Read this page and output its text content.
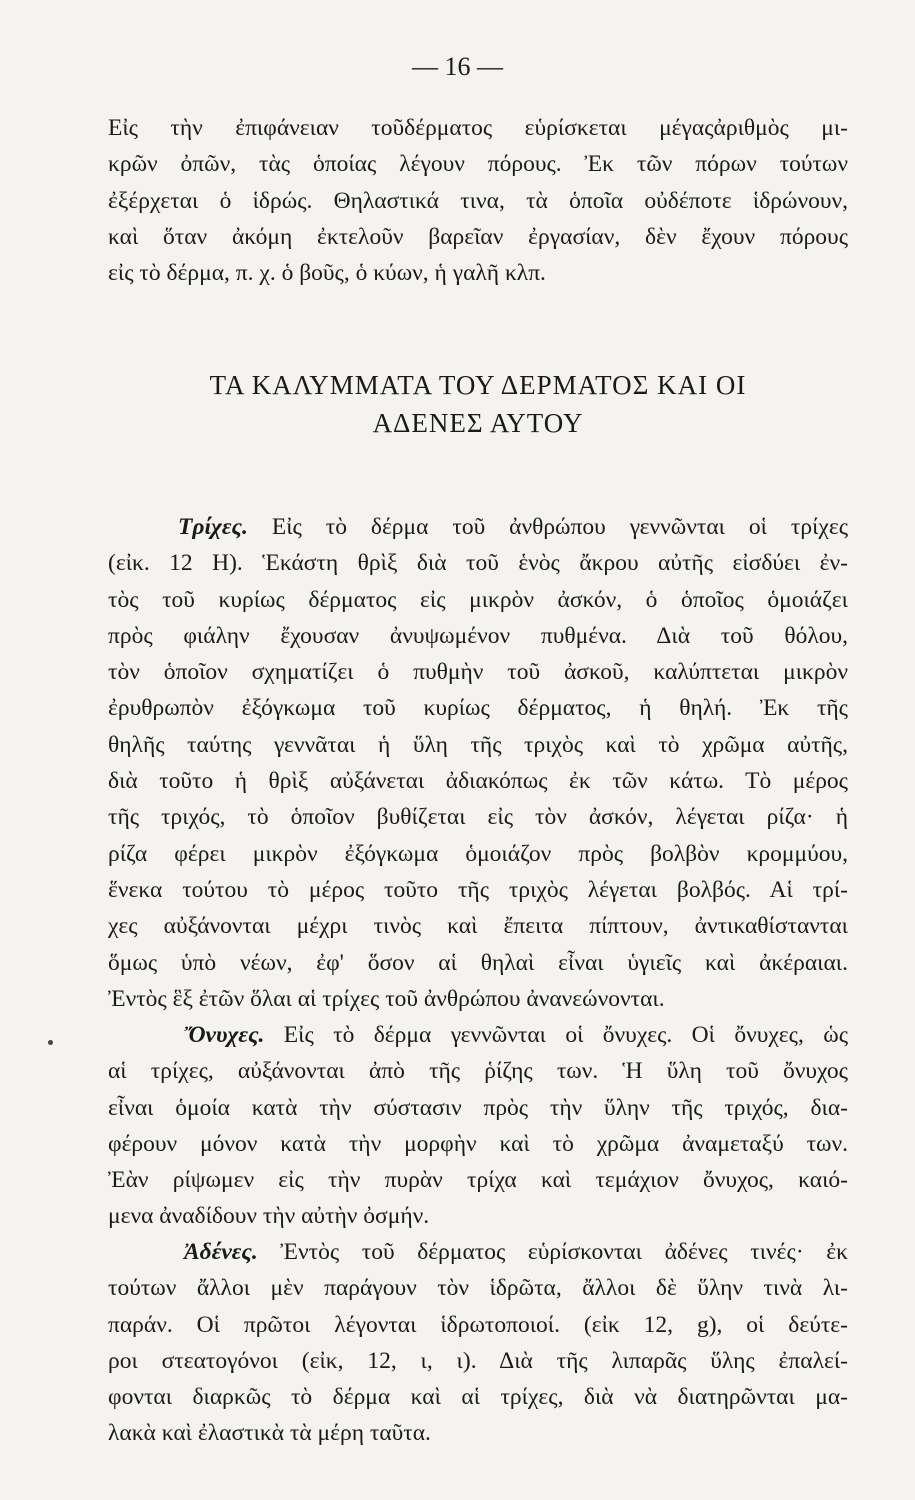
— 16 —
Εἰς τὴν ἐπιφάνειαν τοῦδέρματος εὑρίσκεται μέγαςἀριθμὸς μι-
κρῶν ὀπῶν, τὰς ὁποίας λέγουν πόρους. Ἐκ τῶν πόρων τούτων
ἐξέρχεται ὁ ἱδρώς. Θηλαστικά τινα, τὰ ὁποῖα οὐδέποτε ἱδρώνουν,
καὶ ὅταν ἀκόμη ἐκτελοῦν βαρεῖαν ἐργασίαν, δὲν ἔχουν πόρους
εἰς τὸ δέρμα, π. χ. ὁ βοῦς, ὁ κύων, ἡ γαλῆ κλπ.
ΤΑ ΚΑΛΥΜΜΑΤΑ ΤΟΥ ΔΕΡΜΑΤΟΣ ΚΑΙ ΟΙ
ΑΔΕΝΕΣ ΑΥΤΟΥ
Τρίχες. Εἰς τὸ δέρμα τοῦ ἀνθρώπου γεννῶνται οἱ τρίχες
(εἰκ. 12 Η). Ἑκάστη θρὶξ διὰ τοῦ ἑνὸς ἄκρου αὐτῆς εἰσδύει ἐν-
τὸς τοῦ κυρίως δέρματος εἰς μικρὸν ἀσκόν, ὁ ὁποῖος ὁμοιάζει
πρὸς φιάλην ἔχουσαν ἀνυψωμένον πυθμένα. Διὰ τοῦ θόλου,
τὸν ὁποῖον σχηματίζει ὁ πυθμὴν τοῦ ἀσκοῦ, καλύπτεται μικρὸν
ἐρυθρωπὸν ἐξόγκωμα τοῦ κυρίως δέρματος, ἡ θηλή. Ἐκ τῆς
θηλῆς ταύτης γεννᾶται ἡ ὕλη τῆς τριχὸς καὶ τὸ χρῶμα αὐτῆς,
διὰ τοῦτο ἡ θρὶξ αὐξάνεται ἀδιακόπως ἐκ τῶν κάτω. Τὸ μέρος
τῆς τριχός, τὸ ὁποῖον βυθίζεται εἰς τὸν ἀσκόν, λέγεται ρίζα· ἡ
ρίζα φέρει μικρὸν ἐξόγκωμα ὁμοιάζον πρὸς βολβὸν κρομμύου,
ἕνεκα τούτου τὸ μέρος τοῦτο τῆς τριχὸς λέγεται βολβός. Αἱ τρί-
χες αὐξάνονται μέχρι τινὸς καὶ ἔπειτα πίπτουν, ἀντικαθίστανται
ὅμως ὑπὸ νέων, ἐφ' ὅσον αἱ θηλαὶ εἶναι ὑγιεῖς καὶ ἀκέραιαι.
Ἐντὸς ἓξ ἐτῶν ὅλαι αἱ τρίχες τοῦ ἀνθρώπου ἀνανεώνονται.
Ὄνυχες. Εἰς τὸ δέρμα γεννῶνται οἱ ὄνυχες. Οἱ ὄνυχες, ὡς
αἱ τρίχες, αὐξάνονται ἀπὸ τῆς ῥίζης των. Ἡ ὕλη τοῦ ὄνυχος
εἶναι ὁμοία κατὰ τὴν σύστασιν πρὸς τὴν ὕλην τῆς τριχός, δια-
φέρουν μόνον κατὰ τὴν μορφὴν καὶ τὸ χρῶμα ἀναμεταξύ των.
Ἐὰν ρίψωμεν εἰς τὴν πυρὰν τρίχα καὶ τεμάχιον ὄνυχος, καιό-
μενα ἀναδίδουν τὴν αὐτὴν ὀσμήν.
Ἀδένες. Ἐντὸς τοῦ δέρματος εὑρίσκονται ἀδένες τινές· ἐκ
τούτων ἄλλοι μὲν παράγουν τὸν ἱδρῶτα, ἄλλοι δὲ ὕλην τινὰ λι-
παράν. Οἱ πρῶτοι λέγονται ἱδρωτοποιοί. (εἰκ 12, g), οἱ δεύτε-
ροι στεατογόνοι (εἰκ, 12, ι, ι). Διὰ τῆς λιπαρᾶς ὕλης ἐπαλεί-
φονται διαρκῶς τὸ δέρμα καὶ αἱ τρίχες, διὰ νὰ διατηρῶνται μα-
λακὰ καὶ ἐλαστικὰ τὰ μέρη ταῦτα.
